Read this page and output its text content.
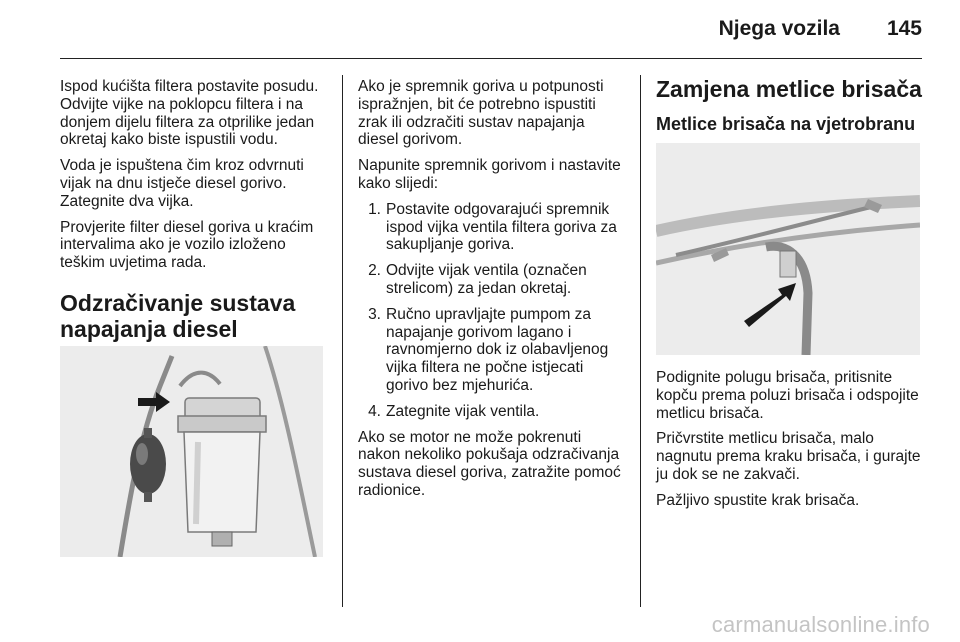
Njega vozila 145

Ispod kućišta filtera postavite posudu. Odvijte vijke na poklopcu filtera i na donjem dijelu filtera za otprilike jedan okretaj kako biste ispustili vodu.

Voda je ispuštena čim kroz odvrnuti vijak na dnu istječe diesel gorivo. Zategnite dva vijka.

Provjerite filter diesel goriva u kraćim intervalima ako je vozilo izloženo teškim uvjetima rada.

Odzračivanje sustava napajanja diesel

Ako je spremnik goriva u potpunosti ispražnjen, bit će potrebno ispustiti zrak ili odzračiti sustav napajanja diesel gorivom.

Napunite spremnik gorivom i nastavite kako slijedi:

1. Postavite odgovarajući spremnik ispod vijka ventila filtera goriva za sakupljanje goriva.
2. Odvijte vijak ventila (označen strelicom) za jedan okretaj.
3. Ručno upravljajte pumpom za napajanje gorivom lagano i ravnomjerno dok iz olabavljenog vijka filtera ne počne istjecati gorivo bez mjehurića.
4. Zategnite vijak ventila.

Ako se motor ne može pokrenuti nakon nekoliko pokušaja odzračivanja sustava diesel goriva, zatražite pomoć radionice.

Zamjena metlice brisača
Metlice brisača na vjetrobranu

Podignite polugu brisača, pritisnite kopču prema poluzi brisača i odspojite metlicu brisača.

Pričvrstite metlicu brisača, malo nagnutu prema kraku brisača, i gurajte ju dok se ne zakvači.

Pažljivo spustite krak brisača.

carmanualsonline.info
